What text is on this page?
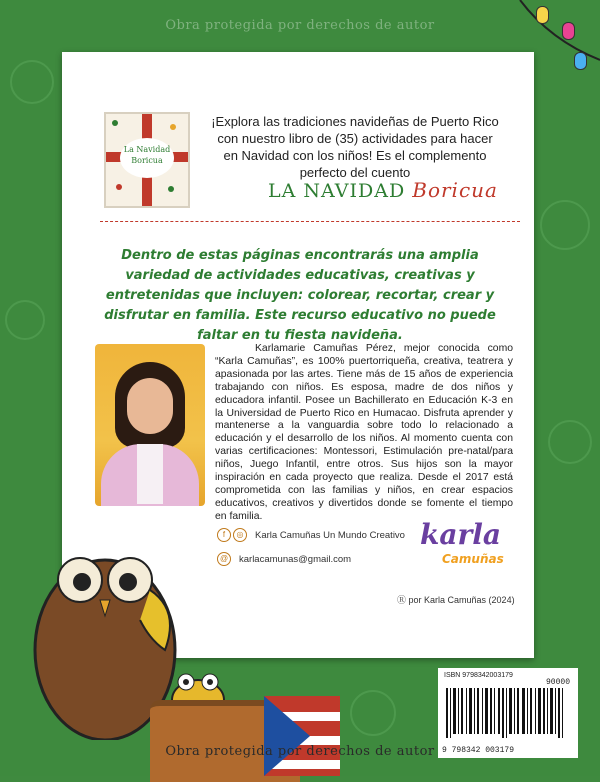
Obra protegida por derechos de autor
La Navidad Boricua
¡Explora las tradiciones navideñas de Puerto Rico con nuestro libro de (35) actividades para hacer en Navidad con los niños! Es el complemento perfecto del cuento
LA NAVIDAD Boricua
Dentro de estas páginas encontrarás una amplia variedad de actividades educativas, creativas y entretenidas que incluyen: colorear, recortar, crear y disfrutar en familia. Este recurso educativo no puede faltar en tu fiesta navideña.
Karlamarie Camuñas Pérez, mejor conocida como “Karla Camuñas”, es 100% puertorriqueña, creativa, teatrera y apasionada por las artes. Tiene más de 15 años de experiencia trabajando con niños. Es esposa, madre de dos niños y educadora infantil. Posee un Bachillerato en Educación K-3 en la Universidad de Puerto Rico en Humacao. Disfruta aprender y mantenerse a la vanguardia sobre todo lo relacionado a educación y el desarrollo de los niños. Al momento cuenta con varias certificaciones: Montessori, Estimulación pre-natal/para niños, Juego Infantil, entre otros. Sus hijos son la mayor inspiración en cada proyecto que realiza. Desde el 2017 está comprometida con las familias y niños, en crear espacios educativos, creativos y divertidos donde se fomente el tiempo en familia.
f	◎	Karla Camuñas Un Mundo Creativo
@	karlacamunas@gmail.com
karla
Camuñas
Ⓡ por Karla Camuñas (2024)
Obra protegida por derechos de autor
ISBN 9798342003179
90000
9 798342 003179
